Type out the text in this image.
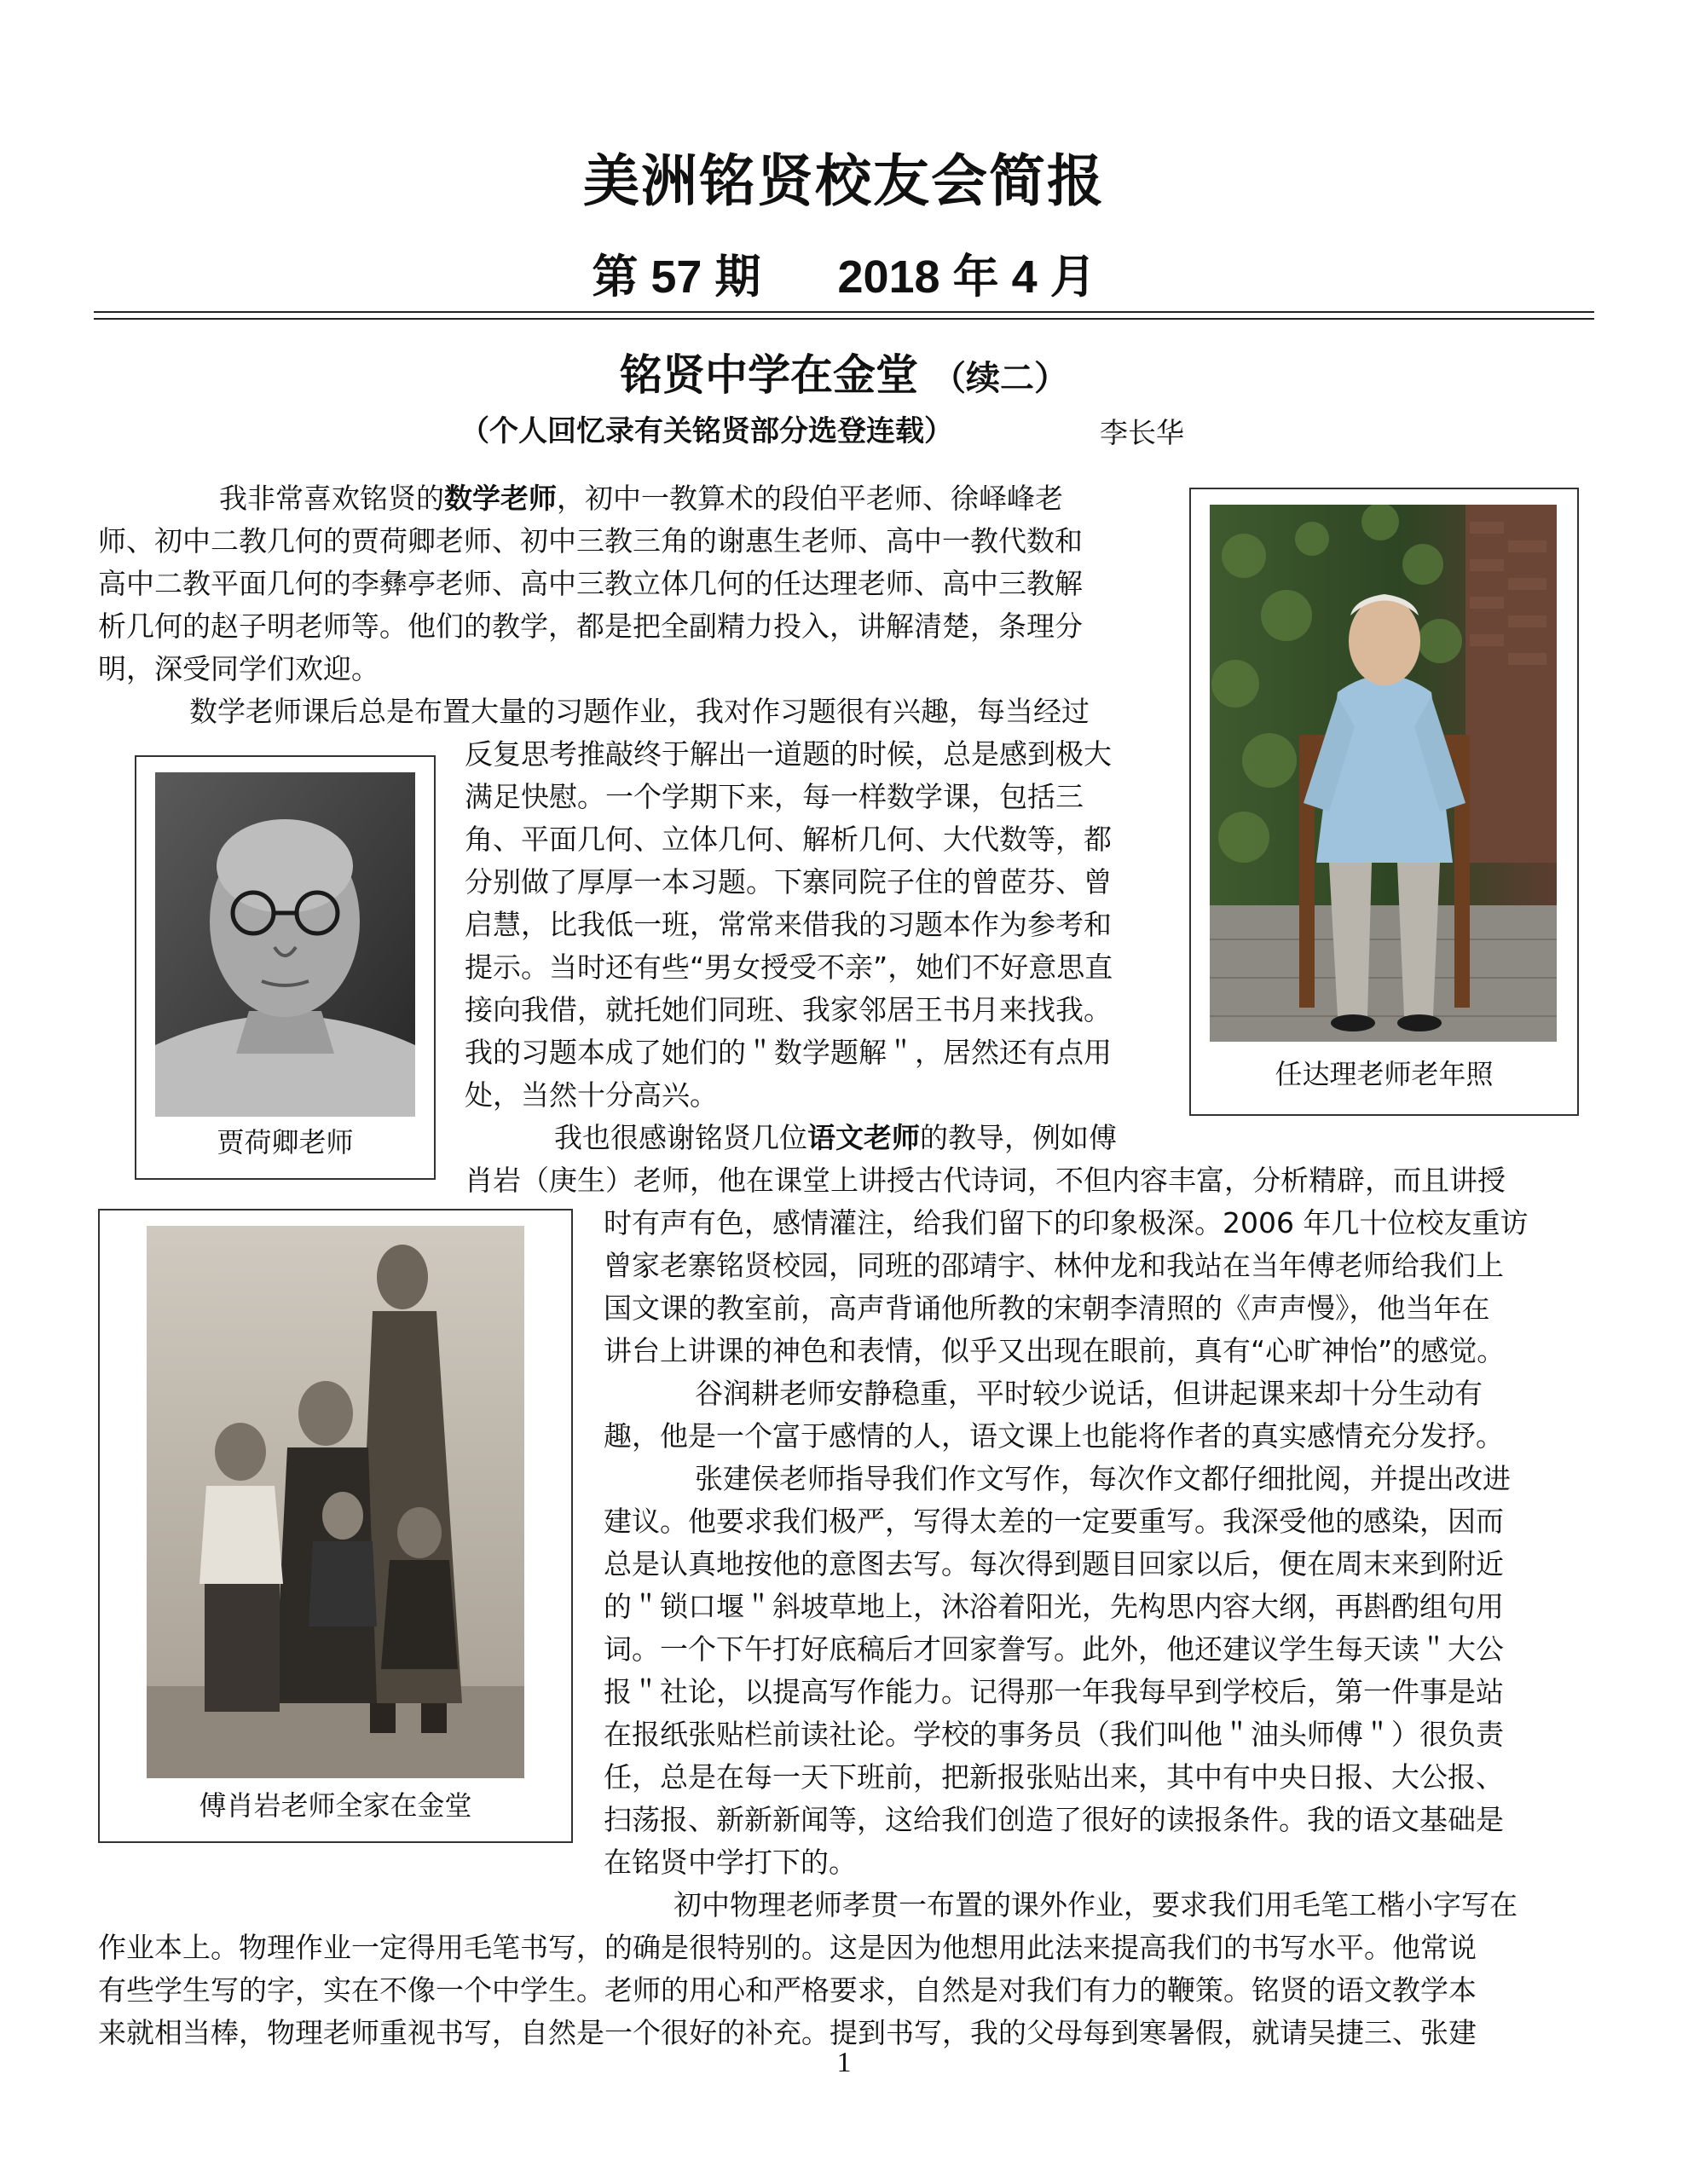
美洲铭贤校友会简报
第 57 期 2018 年 4 月
铭贤中学在金堂 （续二）
（个人回忆录有关铭贤部分选登连载）	李长华
任达理老师老年照
贾荷卿老师
傅肖岩老师全家在金堂
我非常喜欢铭贤的数学老师，初中一教算术的段伯平老师、徐峄峰老
师、初中二教几何的贾荷卿老师、初中三教三角的谢惠生老师、高中一教代数和
高中二教平面几何的李彝亭老师、高中三教立体几何的任达理老师、高中三教解
析几何的赵子明老师等。他们的教学，都是把全副精力投入，讲解清楚，条理分
明，深受同学们欢迎。
数学老师课后总是布置大量的习题作业，我对作习题很有兴趣，每当经过
反复思考推敲终于解出一道题的时候，总是感到极大
满足快慰。一个学期下来，每一样数学课，包括三
角、平面几何、立体几何、解析几何、大代数等，都
分别做了厚厚一本习题。下寨同院子住的曾茝芬、曾
启慧，比我低一班，常常来借我的习题本作为参考和
提示。当时还有些“男女授受不亲”，她们不好意思直
接向我借，就托她们同班、我家邻居王书月来找我。
我的习题本成了她们的＂数学题解＂，居然还有点用
处，当然十分高兴。
我也很感谢铭贤几位语文老师的教导，例如傅
肖岩（庚生）老师，他在课堂上讲授古代诗词，不但内容丰富，分析精辟，而且讲授
时有声有色，感情灌注，给我们留下的印象极深。2006 年几十位校友重访
曾家老寨铭贤校园，同班的邵靖宇、林仲龙和我站在当年傅老师给我们上
国文课的教室前，高声背诵他所教的宋朝李清照的《声声慢》，他当年在
讲台上讲课的神色和表情，似乎又出现在眼前，真有“心旷神怡”的感觉。
谷润耕老师安静稳重，平时较少说话，但讲起课来却十分生动有
趣，他是一个富于感情的人，语文课上也能将作者的真实感情充分发抒。
张建侯老师指导我们作文写作，每次作文都仔细批阅，并提出改进
建议。他要求我们极严，写得太差的一定要重写。我深受他的感染，因而
总是认真地按他的意图去写。每次得到题目回家以后，便在周末来到附近
的＂锁口堰＂斜坡草地上，沐浴着阳光，先构思内容大纲，再斟酌组句用
词。一个下午打好底稿后才回家誊写。此外，他还建议学生每天读＂大公
报＂社论，以提高写作能力。记得那一年我每早到学校后，第一件事是站
在报纸张贴栏前读社论。学校的事务员（我们叫他＂油头师傅＂）很负责
任，总是在每一天下班前，把新报张贴出来，其中有中央日报、大公报、
扫荡报、新新新闻等，这给我们创造了很好的读报条件。我的语文基础是
在铭贤中学打下的。
初中物理老师孝贯一布置的课外作业，要求我们用毛笔工楷小字写在
作业本上。物理作业一定得用毛笔书写，的确是很特别的。这是因为他想用此法来提高我们的书写水平。他常说
有些学生写的字，实在不像一个中学生。老师的用心和严格要求，自然是对我们有力的鞭策。铭贤的语文教学本
来就相当棒，物理老师重视书写，自然是一个很好的补充。提到书写，我的父母每到寒暑假，就请吴捷三、张建
1
